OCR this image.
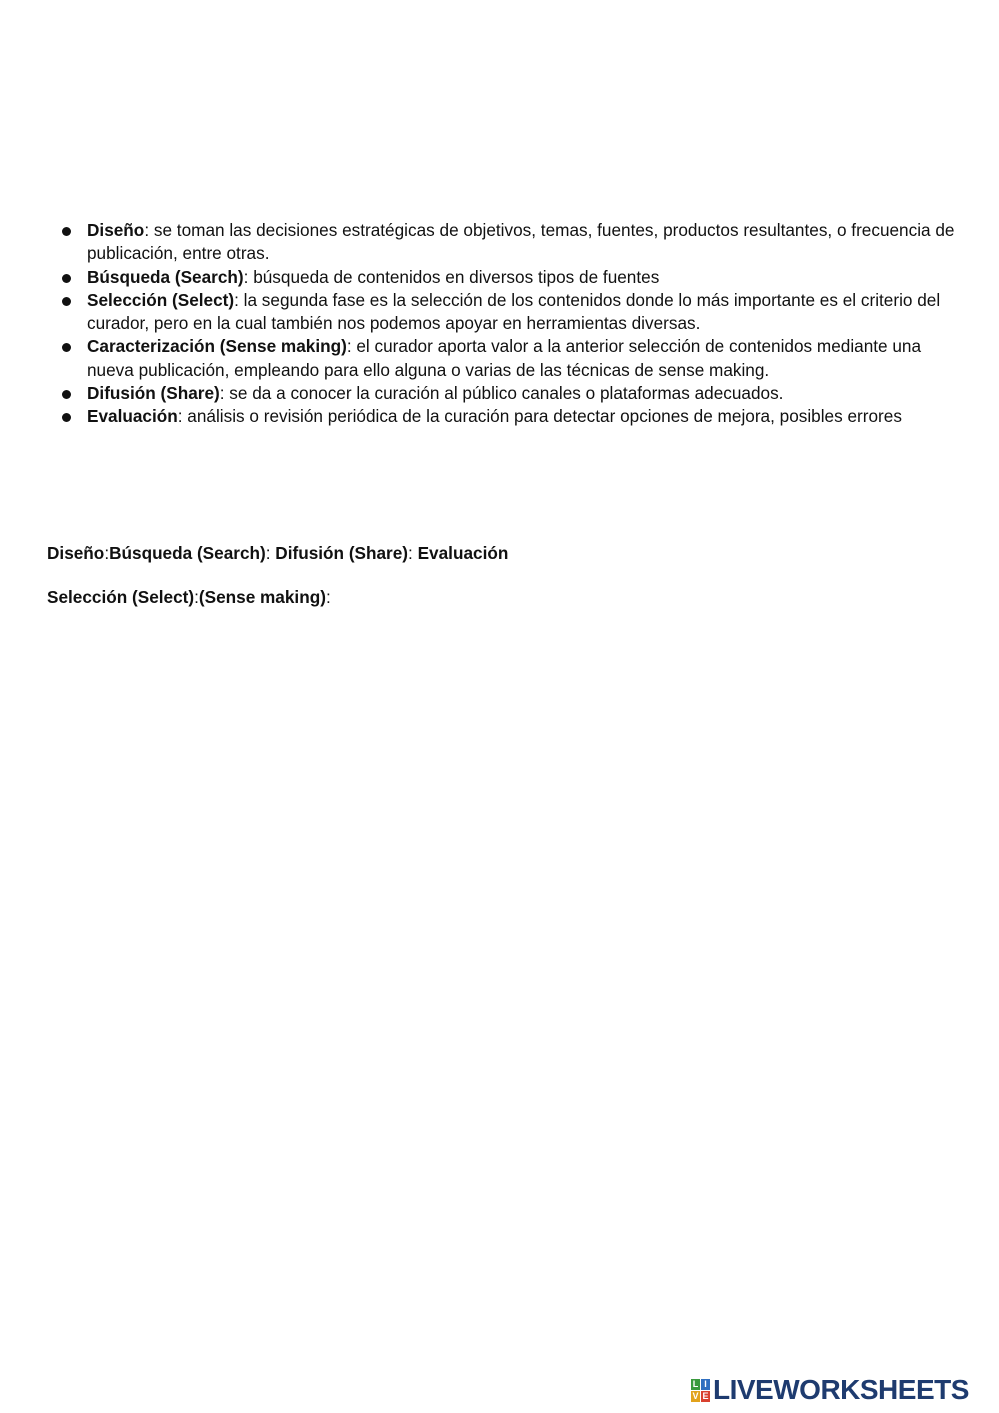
Diseño: se toman las decisiones estratégicas de objetivos, temas, fuentes, productos resultantes, o frecuencia de publicación, entre otras.
Búsqueda (Search): búsqueda de contenidos en diversos tipos de fuentes
Selección (Select): la segunda fase es la selección de los contenidos donde lo más importante es el criterio del curador, pero en la cual también nos podemos apoyar en herramientas diversas.
Caracterización (Sense making): el curador aporta valor a la anterior selección de contenidos mediante una nueva publicación, empleando para ello alguna o varias de las técnicas de sense making.
Difusión (Share): se da a conocer la curación al público canales o plataformas adecuados.
Evaluación: análisis o revisión periódica de la curación para detectar opciones de mejora, posibles errores
Diseño:Búsqueda (Search): Difusión (Share): Evaluación
Selección (Select):(Sense making):
L I
V E LIVEWORKSHEETS
